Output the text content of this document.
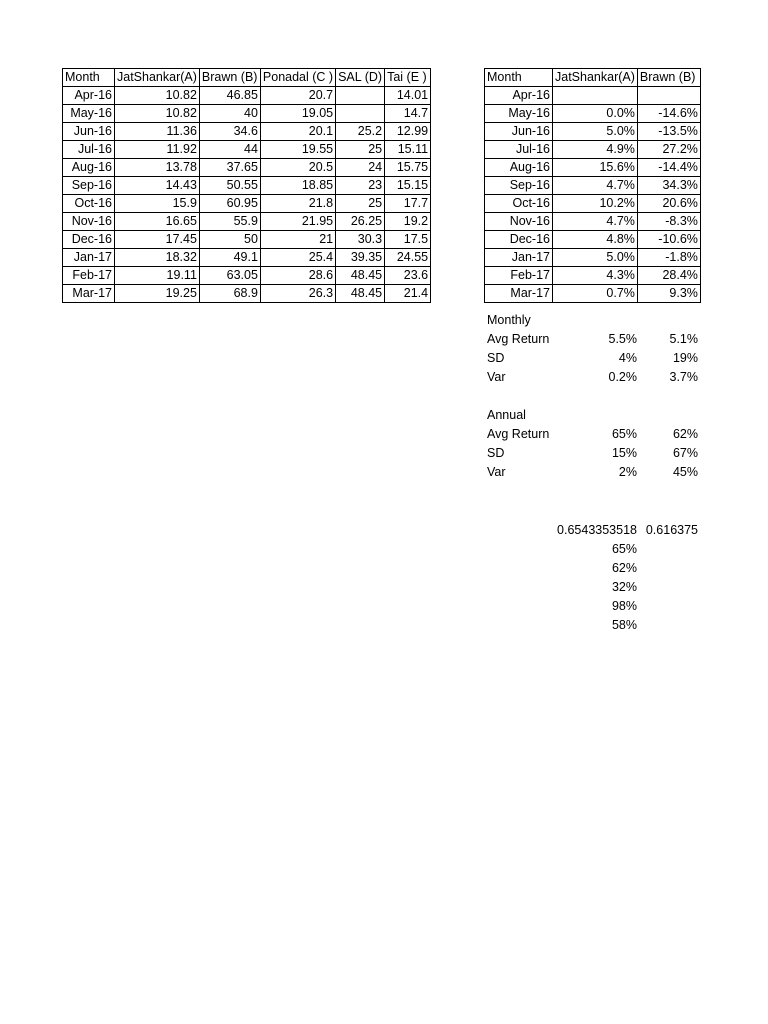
Month	JatShankar(A)	Brawn (B)	Ponadal (C )	SAL (D)	Tai (E )
Apr-16	10.82	46.85	20.7		14.01
May-16	10.82	40	19.05		14.7
Jun-16	11.36	34.6	20.1	25.2	12.99
Jul-16	11.92	44	19.55	25	15.11
Aug-16	13.78	37.65	20.5	24	15.75
Sep-16	14.43	50.55	18.85	23	15.15
Oct-16	15.9	60.95	21.8	25	17.7
Nov-16	16.65	55.9	21.95	26.25	19.2
Dec-16	17.45	50	21	30.3	17.5
Jan-17	18.32	49.1	25.4	39.35	24.55
Feb-17	19.11	63.05	28.6	48.45	23.6
Mar-17	19.25	68.9	26.3	48.45	21.4
Month	JatShankar(A)	Brawn (B)
Apr-16		
May-16	0.0%	-14.6%
Jun-16	5.0%	-13.5%
Jul-16	4.9%	27.2%
Aug-16	15.6%	-14.4%
Sep-16	4.7%	34.3%
Oct-16	10.2%	20.6%
Nov-16	4.7%	-8.3%
Dec-16	4.8%	-10.6%
Jan-17	5.0%	-1.8%
Feb-17	4.3%	28.4%
Mar-17	0.7%	9.3%
Monthly
Avg Return	5.5%	5.1%
SD	4%	19%
Var	0.2%	3.7%
Annual
Avg Return	65%	62%
SD	15%	67%
Var	2%	45%
0.6543353518 0.616375
65%
62%
32%
98%
58%
